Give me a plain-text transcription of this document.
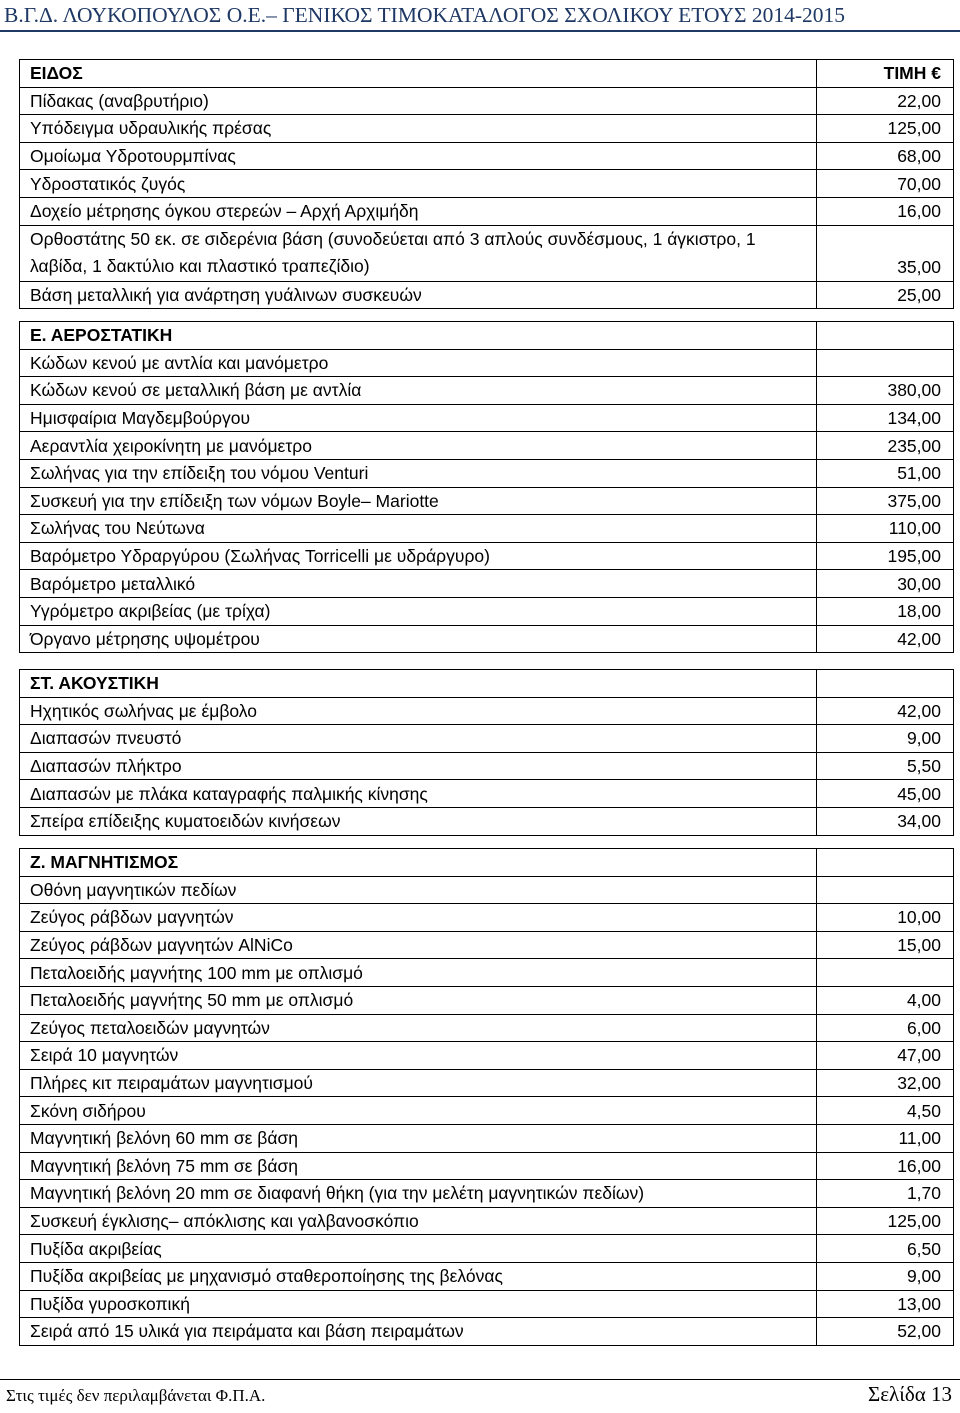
Β.Γ.Δ. ΛΟΥΚΟΠΟΥΛΟΣ Ο.Ε.– ΓΕΝΙΚΟΣ ΤΙΜΟΚΑΤΑΛΟΓΟΣ ΣΧΟΛΙΚΟΥ ΕΤΟΥΣ 2014-2015
ΕΙΔΟΣ	ΤΙΜΗ €
Πίδακας (αναβρυτήριο)	22,00
Υπόδειγμα υδραυλικής πρέσας	125,00
Ομοίωμα Υδροτουρμπίνας	68,00
Υδροστατικός ζυγός	70,00
Δοχείο μέτρησης όγκου στερεών – Αρχή Αρχιμήδη	16,00
Ορθοστάτης 50 εκ. σε σιδερένια βάση (συνοδεύεται από 3 απλούς συνδέσμους, 1 άγκιστρο, 1 λαβίδα, 1 δακτύλιο και πλαστικό τραπεζίδιο)	35,00
Βάση μεταλλική για ανάρτηση γυάλινων συσκευών	25,00
Ε. ΑΕΡΟΣΤΑΤΙΚΗ	
Κώδων κενού με αντλία και μανόμετρο	
Κώδων κενού σε μεταλλική βάση με αντλία	380,00
Ημισφαίρια Μαγδεμβούργου	134,00
Αεραντλία χειροκίνητη με μανόμετρο	235,00
Σωλήνας για την επίδειξη του νόμου Venturi	51,00
Συσκευή για την επίδειξη των νόμων Boyle– Mariotte	375,00
Σωλήνας του Νεύτωνα	110,00
Βαρόμετρο Υδραργύρου (Σωλήνας Torricelli με υδράργυρο)	195,00
Βαρόμετρο μεταλλικό	30,00
Υγρόμετρο ακριβείας (με τρίχα)	18,00
Όργανο μέτρησης υψομέτρου	42,00
ΣΤ. ΑΚΟΥΣΤΙΚΗ	
Ηχητικός σωλήνας με έμβολο	42,00
Διαπασών πνευστό	9,00
Διαπασών πλήκτρο	5,50
Διαπασών με πλάκα καταγραφής παλμικής κίνησης	45,00
Σπείρα επίδειξης κυματοειδών κινήσεων	34,00
Ζ. ΜΑΓΝΗΤΙΣΜΟΣ	
Οθόνη μαγνητικών πεδίων	
Ζεύγος ράβδων μαγνητών	10,00
Ζεύγος ράβδων μαγνητών AlNiCo	15,00
Πεταλοειδής μαγνήτης 100 mm με οπλισμό	
Πεταλοειδής μαγνήτης 50 mm με οπλισμό	4,00
Ζεύγος πεταλοειδών μαγνητών	6,00
Σειρά 10 μαγνητών	47,00
Πλήρες κιτ πειραμάτων μαγνητισμού	32,00
Σκόνη σιδήρου	4,50
Μαγνητική βελόνη 60 mm σε βάση	11,00
Μαγνητική βελόνη 75 mm σε βάση	16,00
Μαγνητική βελόνη 20 mm σε διαφανή θήκη (για την μελέτη μαγνητικών πεδίων)	1,70
Συσκευή έγκλισης– απόκλισης και γαλβανοσκόπιο	125,00
Πυξίδα ακριβείας	6,50
Πυξίδα ακριβείας με μηχανισμό σταθεροποίησης της βελόνας	9,00
Πυξίδα γυροσκοπική	13,00
Σειρά από 15 υλικά για πειράματα και βάση πειραμάτων	52,00
Στις τιμές δεν περιλαμβάνεται Φ.Π.Α.	Σελίδα 13
